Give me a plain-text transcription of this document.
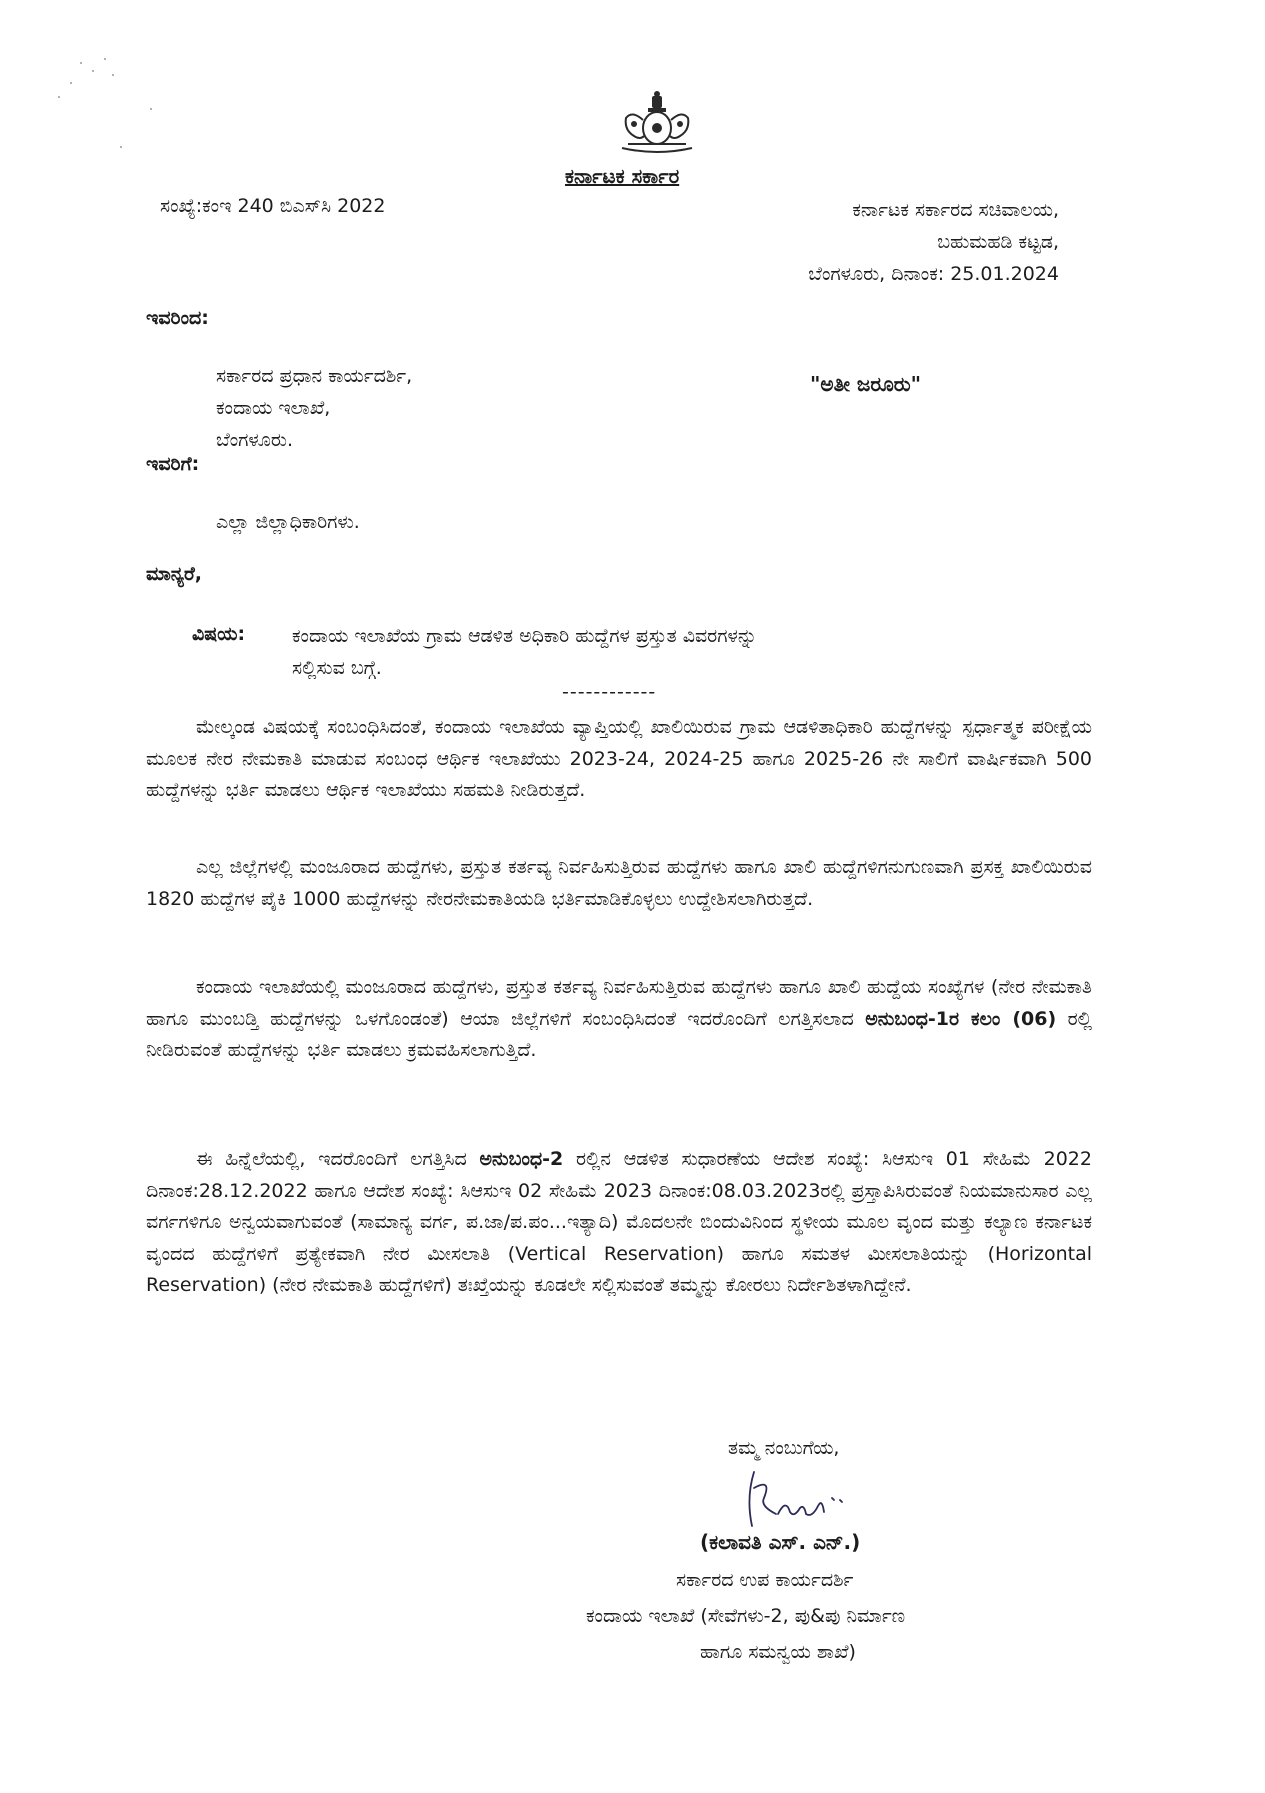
ಕರ್ನಾಟಕ ಸರ್ಕಾರ
ಸಂಖ್ಯೆ:ಕಂಇ 240 ಬಿಎಸ್‌ಸಿ 2022	ಕರ್ನಾಟಕ ಸರ್ಕಾರದ ಸಚಿವಾಲಯ,
ಬಹುಮಹಡಿ ಕಟ್ಟಡ,
ಬೆಂಗಳೂರು, ದಿನಾಂಕ: 25.01.2024
ಇವರಿಂದ:
ಸರ್ಕಾರದ ಪ್ರಧಾನ ಕಾರ್ಯದರ್ಶಿ,
ಕಂದಾಯ ಇಲಾಖೆ,
ಬೆಂಗಳೂರು.
"ಅತೀ ಜರೂರು"
ಇವರಿಗೆ:
ಎಲ್ಲಾ ಜಿಲ್ಲಾಧಿಕಾರಿಗಳು.
ಮಾನ್ಯರೆ,
ವಿಷಯ: ಕಂದಾಯ ಇಲಾಖೆಯ ಗ್ರಾಮ ಆಡಳಿತ ಅಧಿಕಾರಿ ಹುದ್ದೆಗಳ ಪ್ರಸ್ತುತ ವಿವರಗಳನ್ನು
ಸಲ್ಲಿಸುವ ಬಗ್ಗೆ.
------------
ಮೇಲ್ಕಂಡ ವಿಷಯಕ್ಕೆ ಸಂಬಂಧಿಸಿದಂತೆ, ಕಂದಾಯ ಇಲಾಖೆಯ ವ್ಯಾಪ್ತಿಯಲ್ಲಿ ಖಾಲಿಯಿರುವ ಗ್ರಾಮ ಆಡಳಿತಾಧಿಕಾರಿ ಹುದ್ದೆಗಳನ್ನು ಸ್ಪರ್ಧಾತ್ಮಕ ಪರೀಕ್ಷೆಯ ಮೂಲಕ ನೇರ ನೇಮಕಾತಿ ಮಾಡುವ ಸಂಬಂಧ ಆರ್ಥಿಕ ಇಲಾಖೆಯು 2023-24, 2024-25 ಹಾಗೂ 2025-26 ನೇ ಸಾಲಿಗೆ ವಾರ್ಷಿಕವಾಗಿ 500 ಹುದ್ದೆಗಳನ್ನು ಭರ್ತಿ ಮಾಡಲು ಆರ್ಥಿಕ ಇಲಾಖೆಯು ಸಹಮತಿ ನೀಡಿರುತ್ತದೆ.
ಎಲ್ಲ ಜಿಲ್ಲೆಗಳಲ್ಲಿ ಮಂಜೂರಾದ ಹುದ್ದೆಗಳು, ಪ್ರಸ್ತುತ ಕರ್ತವ್ಯ ನಿರ್ವಹಿಸುತ್ತಿರುವ ಹುದ್ದೆಗಳು ಹಾಗೂ ಖಾಲಿ ಹುದ್ದೆಗಳಿಗನುಗುಣವಾಗಿ ಪ್ರಸಕ್ತ ಖಾಲಿಯಿರುವ 1820 ಹುದ್ದೆಗಳ ಪೈಕಿ 1000 ಹುದ್ದೆಗಳನ್ನು ನೇರನೇಮಕಾತಿಯಡಿ ಭರ್ತಿಮಾಡಿಕೊಳ್ಳಲು ಉದ್ದೇಶಿಸಲಾಗಿರುತ್ತದೆ.
ಕಂದಾಯ ಇಲಾಖೆಯಲ್ಲಿ ಮಂಜೂರಾದ ಹುದ್ದೆಗಳು, ಪ್ರಸ್ತುತ ಕರ್ತವ್ಯ ನಿರ್ವಹಿಸುತ್ತಿರುವ ಹುದ್ದೆಗಳು ಹಾಗೂ ಖಾಲಿ ಹುದ್ದೆಯ ಸಂಖ್ಯೆಗಳ (ನೇರ ನೇಮಕಾತಿ ಹಾಗೂ ಮುಂಬಡ್ತಿ ಹುದ್ದೆಗಳನ್ನು ಒಳಗೊಂಡಂತೆ) ಆಯಾ ಜಿಲ್ಲೆಗಳಿಗೆ ಸಂಬಂಧಿಸಿದಂತೆ ಇದರೊಂದಿಗೆ ಲಗತ್ತಿಸಲಾದ ಅನುಬಂಧ-1ರ ಕಲಂ (06) ರಲ್ಲಿ ನೀಡಿರುವಂತೆ ಹುದ್ದೆಗಳನ್ನು ಭರ್ತಿ ಮಾಡಲು ಕ್ರಮವಹಿಸಲಾಗುತ್ತಿದೆ.
ಈ ಹಿನ್ನೆಲೆಯಲ್ಲಿ, ಇದರೊಂದಿಗೆ ಲಗತ್ತಿಸಿದ ಅನುಬಂಧ-2 ರಲ್ಲಿನ ಆಡಳಿತ ಸುಧಾರಣೆಯ ಆದೇಶ ಸಂಖ್ಯೆ: ಸಿಆಸುಇ 01 ಸೇಹಿಮೆ 2022 ದಿನಾಂಕ:28.12.2022 ಹಾಗೂ ಆದೇಶ ಸಂಖ್ಯೆ: ಸಿಆಸುಇ 02 ಸೇಹಿಮೆ 2023 ದಿನಾಂಕ:08.03.2023ರಲ್ಲಿ ಪ್ರಸ್ತಾಪಿಸಿರುವಂತೆ ನಿಯಮಾನುಸಾರ ಎಲ್ಲ ವರ್ಗಗಳಿಗೂ ಅನ್ವಯವಾಗುವಂತೆ (ಸಾಮಾನ್ಯ ವರ್ಗ, ಪ.ಜಾ/ಪ.ಪಂ...ಇತ್ಯಾದಿ) ಮೊದಲನೇ ಬಿಂದುವಿನಿಂದ ಸ್ಥಳೀಯ ಮೂಲ ವೃಂದ ಮತ್ತು ಕಲ್ಯಾಣ ಕರ್ನಾಟಕ ವೃಂದದ ಹುದ್ದೆಗಳಿಗೆ ಪ್ರತ್ಯೇಕವಾಗಿ ನೇರ ಮೀಸಲಾತಿ (Vertical Reservation) ಹಾಗೂ ಸಮತಳ ಮೀಸಲಾತಿಯನ್ನು (Horizontal Reservation) (ನೇರ ನೇಮಕಾತಿ ಹುದ್ದೆಗಳಿಗೆ) ತಃಖ್ತೆಯನ್ನು ಕೂಡಲೇ ಸಲ್ಲಿಸುವಂತೆ ತಮ್ಮನ್ನು ಕೋರಲು ನಿರ್ದೇಶಿತಳಾಗಿದ್ದೇನೆ.
ತಮ್ಮ ನಂಬುಗೆಯ,
(ಕಲಾವತಿ ಎಸ್. ಎನ್.)
ಸರ್ಕಾರದ ಉಪ ಕಾರ್ಯದರ್ಶಿ
ಕಂದಾಯ ಇಲಾಖೆ (ಸೇವೆಗಳು-2, ಪು&ಪು ನಿರ್ಮಾಣ
ಹಾಗೂ ಸಮನ್ವಯ ಶಾಖೆ)
